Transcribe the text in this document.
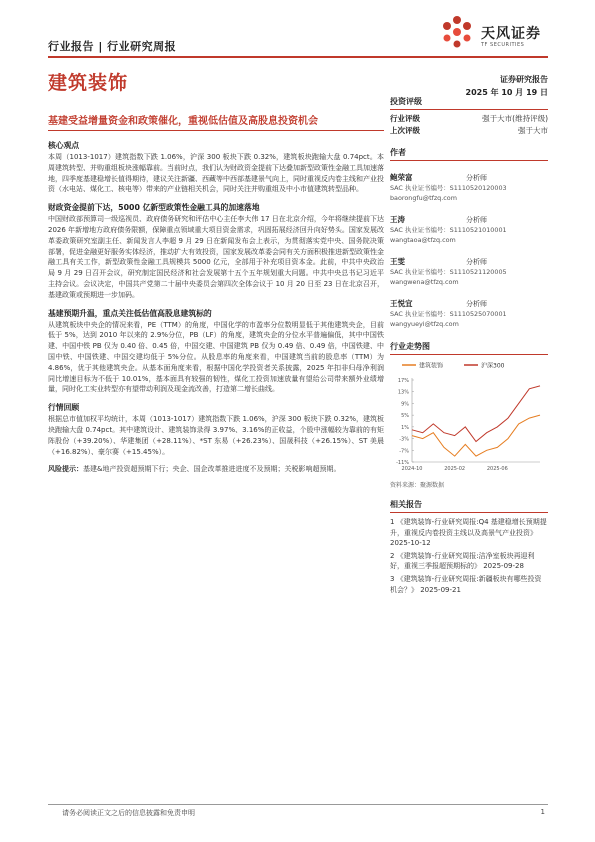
行业报告 | 行业研究周报
天风证券
TF SECURITIES
建筑装饰	证券研究报告
2025 年 10 月 19 日
基建受益增量资金和政策催化，重视低估值及高股息投资机会
核心观点
本周（1013-1017）建筑指数下跌 1.06%，沪深 300 板块下跌 0.32%，建筑板块跑输大盘 0.74pct。本周建筑转型、并购重组板块涨幅靠前。当前时点，我们认为财政资金提前下达叠加新型政策性金融工具加速落地，四季度基建稳增长值得期待，建议关注新疆、西藏等中西部基建景气向上，同时重视反内卷主线和产业投资（水电站、煤化工、核电等）带来的产业链相关机会，同时关注并购重组及中小市值建筑转型品种。
财政资金提前下达，5000 亿新型政策性金融工具的加速落地
中国财政部预算司一级巡视员、政府债务研究和评估中心主任李大伟 17 日在北京介绍，今年将继续提前下达 2026 年新增地方政府债务限额，保障重点领域重大项目资金需求，巩固拓展经济回升向好势头。国家发展改革委政策研究室副主任、新闻发言人李超 9 月 29 日在新闻发布会上表示，为贯彻落实党中央、国务院决策部署，促进金融更好服务实体经济，推动扩大有效投资，国家发展改革委会同有关方面积极推进新型政策性金融工具有关工作，新型政策性金融工具规模共 5000 亿元，全部用于补充项目资本金。此前，中共中央政治局 9 月 29 日召开会议，研究制定国民经济和社会发展第十五个五年规划重大问题。中共中央总书记习近平主持会议。会议决定，中国共产党第二十届中央委员会第四次全体会议于 10 月 20 日至 23 日在北京召开，基建政策或预期进一步加码。
基建预期升温，重点关注低估值高股息建筑标的
从建筑板块中央企的情况来看，PE（TTM）的角度，中国化学的市盈率分位数明显低于其他建筑央企，目前低于 5%，达到 2010 年以来的 2.9%分位，PB（LF）的角度，建筑央企的分位水平普遍偏低，其中中国铁建、中国中铁 PB 仅为 0.40 倍、0.45 倍，中国交建、中国建筑 PB 仅为 0.49 倍、0.49 倍，中国铁建、中国中铁、中国铁建、中国交建均低于 5%分位。从股息率的角度来看，中国建筑当前的股息率（TTM）为 4.86%，优于其他建筑央企。从基本面角度来看，根据中国化学投资者关系披露，2025 年扣非归母净利润同比增速目标为不低于 10.01%，基本面具有较强的韧性，煤化工投资加速放量有望给公司带来额外业绩增量，同时化工实业转型亦有望带动利润及现金流改善，打造第二增长曲线。
行情回顾
根据总市值加权平均统计，本周（1013-1017）建筑指数下跌 1.06%，沪深 300 板块下跌 0.32%，建筑板块跑输大盘 0.74pct。其中建筑设计、建筑装饰录得 3.97%、3.16%的正收益，个股中涨幅较为靠前的有矩阵股份（+39.20%）、华建集团（+28.11%）、*ST 东易（+26.23%）、国晟科技（+26.15%）、ST 美晨（+16.82%）、豪尔赛（+15.45%）。
风险提示：基建&地产投资超预期下行；央企、国企改革推进进度不及预期；关税影响超预期。
投资评级
行业评级	强于大市(维持评级)
上次评级	强于大市
作者
鲍荣富	分析师
SAC 执业证书编号：S1110520120003
baorongfu@tfzq.com
王涛	分析师
SAC 执业证书编号：S1110521010001
wangtaoa@tfzq.com
王雯	分析师
SAC 执业证书编号：S1110521120005
wangwena@tfzq.com
王悦宜	分析师
SAC 执业证书编号：S1110525070001
wangyueyi@tfzq.com
行业走势图
建筑装饰	沪深300
17%
13%
9%
5%
1%
-3%
-7%
-11%
2024-10	2025-02	2025-06
资料来源：聚源数据
相关报告
1 《建筑装饰-行业研究周报:Q4 基建稳增长预期提升，重视反内卷投资主线以及高景气产业投资》 2025-10-12
2 《建筑装饰-行业研究周报:洁净室板块再迎利好，重视三季报超预期标的》 2025-09-28
3 《建筑装饰-行业研究周报:新疆板块有哪些投资机会？》 2025-09-21
请务必阅读正文之后的信息披露和免责申明	1
